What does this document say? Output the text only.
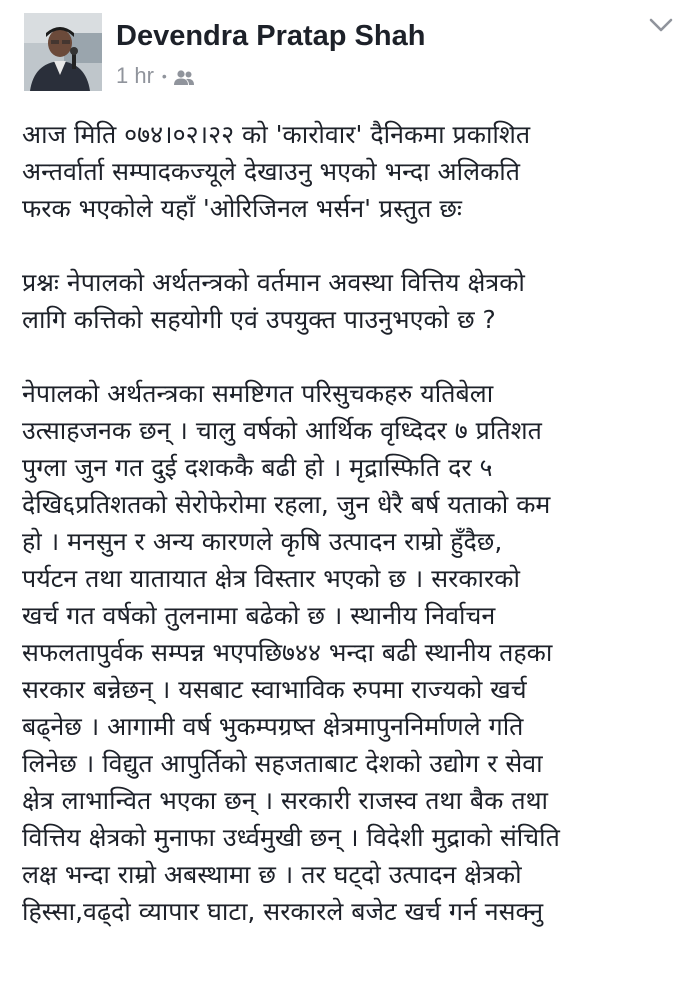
Devendra Pratap Shah
1 hr •
आज मिति ०७४।०२।२२ को 'कारोवार' दैनिकमा प्रकाशित
अन्तर्वार्ता सम्पादकज्यूले देखाउनु भएको भन्दा अलिकति
फरक भएकोले यहाँ 'ओरिजिनल भर्सन' प्रस्तुत छः
प्रश्नः नेपालको अर्थतन्त्रको वर्तमान अवस्था वित्तिय क्षेत्रको
लागि कत्तिको सहयोगी एवं उपयुक्त पाउनुभएको छ ?
नेपालको अर्थतन्त्रका समष्टिगत परिसुचकहरु यतिबेला
उत्साहजनक छन् । चालु वर्षको आर्थिक वृध्दिदर ७ प्रतिशत
पुग्ला जुन गत दुई दशककै बढी हो । मृद्रास्फिति दर ५
देखि६प्रतिशतको सेरोफेरोमा रहला, जुन धेरै बर्ष यताको कम
हो । मनसुन र अन्य कारणले कृषि उत्पादन राम्रो हुँदैछ,
पर्यटन तथा यातायात क्षेत्र विस्तार भएको छ । सरकारको
खर्च गत वर्षको तुलनामा बढेको छ । स्थानीय निर्वाचन
सफलतापुर्वक सम्पन्न भएपछि७४४ भन्दा बढी स्थानीय तहका
सरकार बन्नेछन् । यसबाट स्वाभाविक रुपमा राज्यको खर्च
बढ्नेछ । आगामी वर्ष भुकम्पग्रष्त क्षेत्रमापुननिर्माणले गति
लिनेछ । विद्युत आपुर्तिको सहजताबाट देशको उद्योग र सेवा
क्षेत्र लाभान्वित भएका छन् । सरकारी राजस्व तथा बैक तथा
वित्तिय क्षेत्रको मुनाफा उर्ध्वमुखी छन् । विदेशी मुद्राको संचिति
लक्ष भन्दा राम्रो अबस्थामा छ । तर घट्दो उत्पादन क्षेत्रको
हिस्सा,वढ्दो व्यापार घाटा, सरकारले बजेट खर्च गर्न नसक्नु
